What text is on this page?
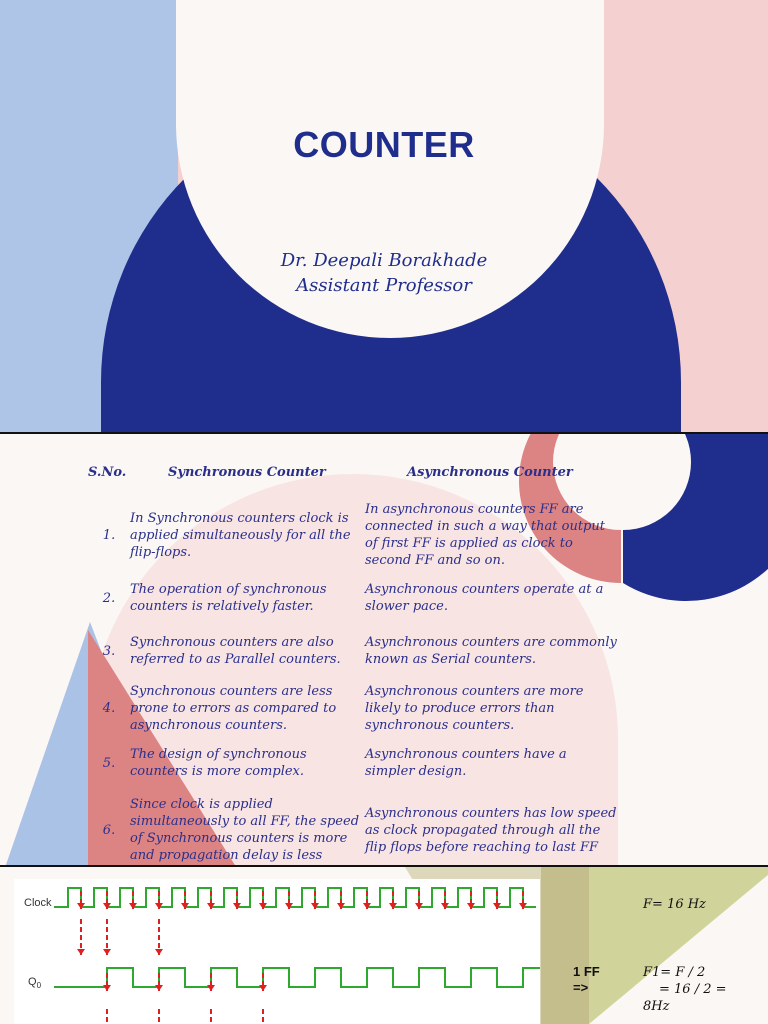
COUNTER
Dr. Deepali Borakhade
Assistant Professor
S.No.	Synchronous Counter	Asynchronous Counter
1.	In Synchronous counters clock is applied simultaneously for all the flip-flops.	In asynchronous counters FF are connected in such a way that output of first FF is applied as clock to second FF and so on.
2.	The operation of synchronous counters is relatively faster.	Asynchronous counters operate at a slower pace.
3.	Synchronous counters are also referred to as Parallel counters.	Asynchronous counters are commonly known as Serial counters.
4.	Synchronous counters are less prone to errors as compared to asynchronous counters.	Asynchronous counters are more likely to produce errors than synchronous counters.
5.	The design of synchronous counters is more complex.	Asynchronous counters have a simpler design.
6.	Since clock is applied simultaneously to all FF, the speed of Synchronous counters is more and propagation delay is less	Asynchronous counters has low speed as clock propagated through all the flip flops before reaching to last FF
Clock
$Q_0$
1 FF
=>
F= 16 Hz
F1= F / 2
= 16 / 2 =
8Hz
